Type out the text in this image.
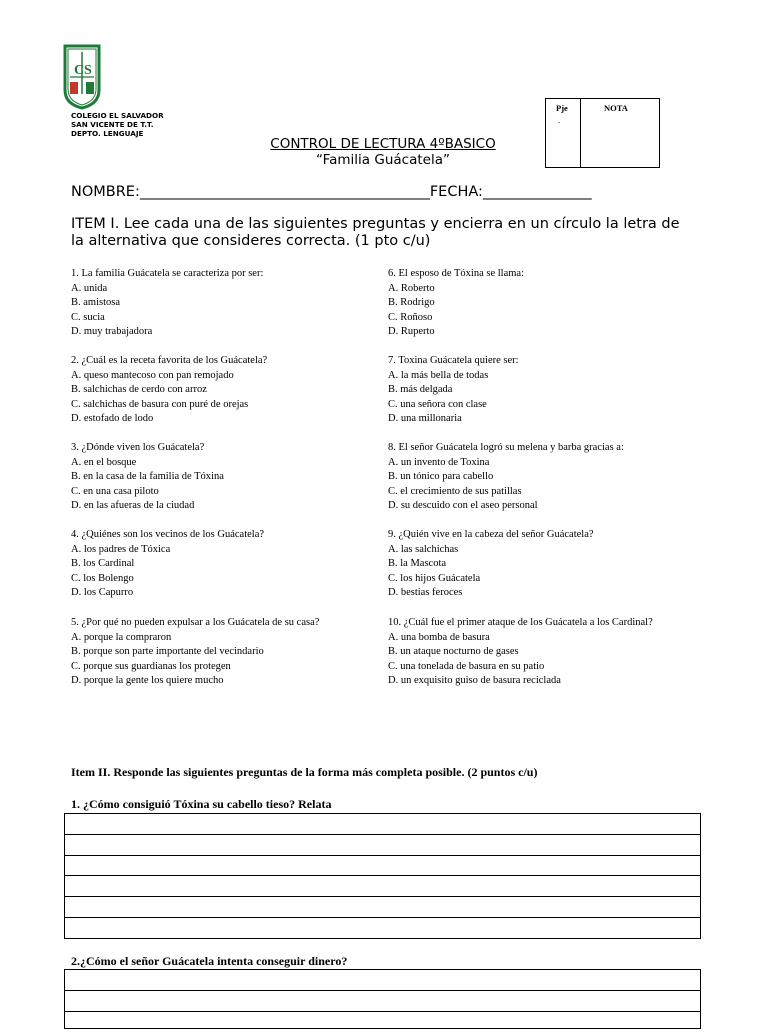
C S
COLEGIO EL SALVADOR
SAN VICENTE DE T.T.
DEPTO. LENGUAJE
CONTROL DE LECTURA 4ºBASICO
“Familia Guácatela”
Pje
.
NOTA
NOMBRE:________________________________________FECHA:_______________
ITEM I. Lee cada una de las siguientes preguntas y encierra en un círculo la letra de la alternativa que consideres correcta. (1 pto c/u)
1. La familia Guácatela se caracteriza por ser:
A. unida
B. amistosa
C. sucia
D. muy trabajadora
2. ¿Cuál es la receta favorita de los Guácatela?
A. queso mantecoso con pan remojado
B. salchichas de cerdo con arroz
C. salchichas de basura con puré de orejas
D. estofado de lodo
3. ¿Dónde viven los Guácatela?
A. en el bosque
B. en la casa de la familia de Tóxina
C. en una casa piloto
D. en las afueras de la ciudad
4. ¿Quiénes son los vecinos de los Guácatela?
A. los padres de Tóxica
B. los Cardinal
C. los Bolengo
D. los Capurro
5. ¿Por qué no pueden expulsar a los Guácatela de su casa?
A. porque la compraron
B. porque son parte importante del vecindario
C. porque sus guardianas los protegen
D. porque la gente los quiere mucho
6. El esposo de Tóxina se llama:
A. Roberto
B. Rodrigo
C. Roñoso
D. Ruperto
7. Toxina Guácatela quiere ser:
A. la más bella de todas
B. más delgada
C. una señora con clase
D. una millonaria
8. El señor Guácatela logró su melena y barba gracias a:
A. un invento de Toxina
B. un tónico para cabello
C. el crecimiento de sus patillas
D. su descuido con el aseo personal
9. ¿Quién vive en la cabeza del señor Guácatela?
A. las salchichas
B. la Mascota
C. los hijos Guácatela
D. bestias feroces
10. ¿Cuál fue el primer ataque de los Guácatela a los Cardinal?
A. una bomba de basura
B. un ataque nocturno de gases
C. una tonelada de basura en su patio
D. un exquisito guiso de basura reciclada
Item II. Responde las siguientes preguntas de la forma más completa posible. (2 puntos c/u)
1. ¿Cómo consiguió Tóxina su cabello tieso? Relata
2.¿Cómo el señor Guácatela intenta conseguir dinero?
